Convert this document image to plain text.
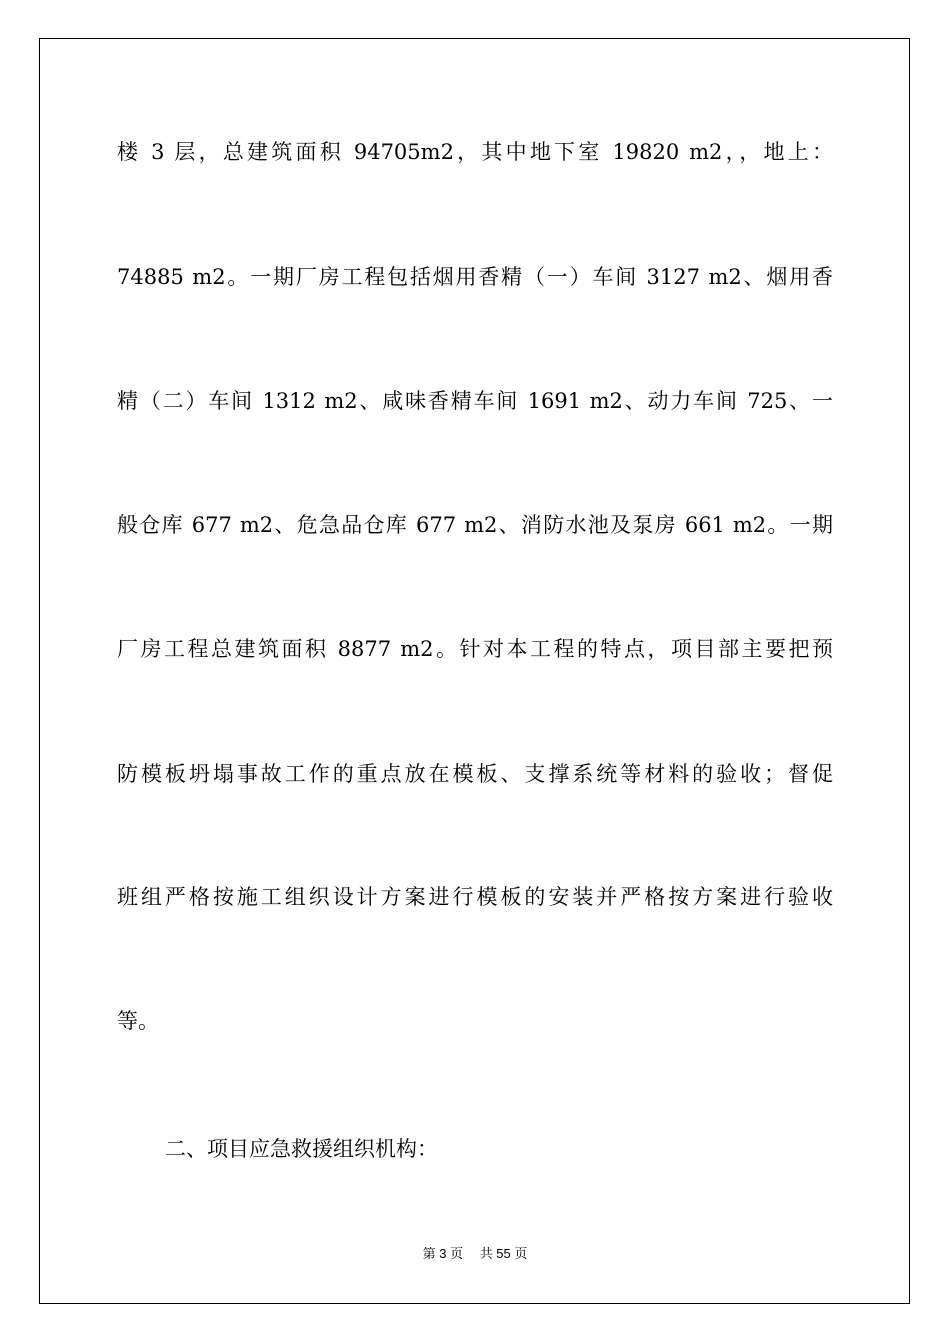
楼 3 层，总建筑面积 94705m2，其中地下室 19820 m2，，地上：
74885 m2。一期厂房工程包括烟用香精（一）车间 3127 m2、烟用香
精（二）车间 1312 m2、咸味香精车间 1691 m2、动力车间 725、一
般仓库 677 m2、危急品仓库 677 m2、消防水池及泵房 661 m2。一期
厂房工程总建筑面积 8877 m2。针对本工程的特点，项目部主要把预
防模板坍塌事故工作的重点放在模板、支撑系统等材料的验收；督促
班组严格按施工组织设计方案进行模板的安装并严格按方案进行验收
等。
二、项目应急救援组织机构：
第 3 页　 共 55 页
